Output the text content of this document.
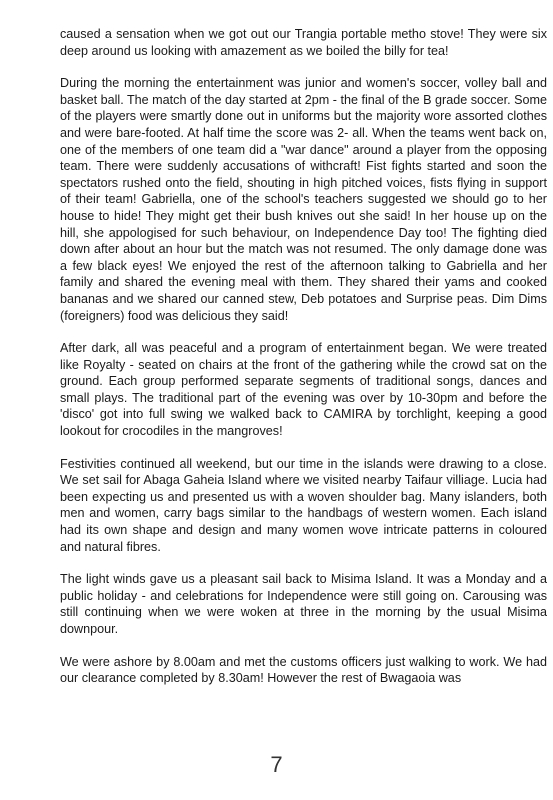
caused a sensation when we got out our Trangia portable metho stove! They were six deep around us looking with amazement as we boiled the billy for tea!

During the morning the entertainment was junior and women's soccer, volley ball and basket ball. The match of the day started at 2pm - the final of the B grade soccer. Some of the players were smartly done out in uniforms but the majority wore assorted clothes and were bare-footed. At half time the score was 2- all. When the teams went back on, one of the members of one team did a "war dance" around a player from the opposing team. There were suddenly accusations of withcraft! Fist fights started and soon the spectators rushed onto the field, shouting in high pitched voices, fists flying in support of their team! Gabriella, one of the school's teachers suggested we should go to her house to hide! They might get their bush knives out she said! In her house up on the hill, she appologised for such behaviour, on Independence Day too! The fighting died down after about an hour but the match was not resumed. The only damage done was a few black eyes! We enjoyed the rest of the afternoon talking to Gabriella and her family and shared the evening meal with them. They shared their yams and cooked bananas and we shared our canned stew, Deb potatoes and Surprise peas. Dim Dims (foreigners) food was delicious they said!

After dark, all was peaceful and a program of entertainment began. We were treated like Royalty - seated on chairs at the front of the gathering while the crowd sat on the ground. Each group performed separate segments of traditional songs, dances and small plays. The traditional part of the evening was over by 10-30pm and before the 'disco' got into full swing we walked back to CAMIRA by torchlight, keeping a good lookout for crocodiles in the mangroves!

Festivities continued all weekend, but our time in the islands were drawing to a close. We set sail for Abaga Gaheia Island where we visited nearby Taifaur villiage. Lucia had been expecting us and presented us with a woven shoulder bag. Many islanders, both men and women, carry bags similar to the handbags of western women. Each island had its own shape and design and many women wove intricate patterns in coloured and natural fibres.

The light winds gave us a pleasant sail back to Misima Island. It was a Monday and a public holiday - and celebrations for Independence were still going on. Carousing was still continuing when we were woken at three in the morning by the usual Misima downpour.

We were ashore by 8.00am and met the customs officers just walking to work. We had our clearance completed by 8.30am! However the rest of Bwagaoia was

7
